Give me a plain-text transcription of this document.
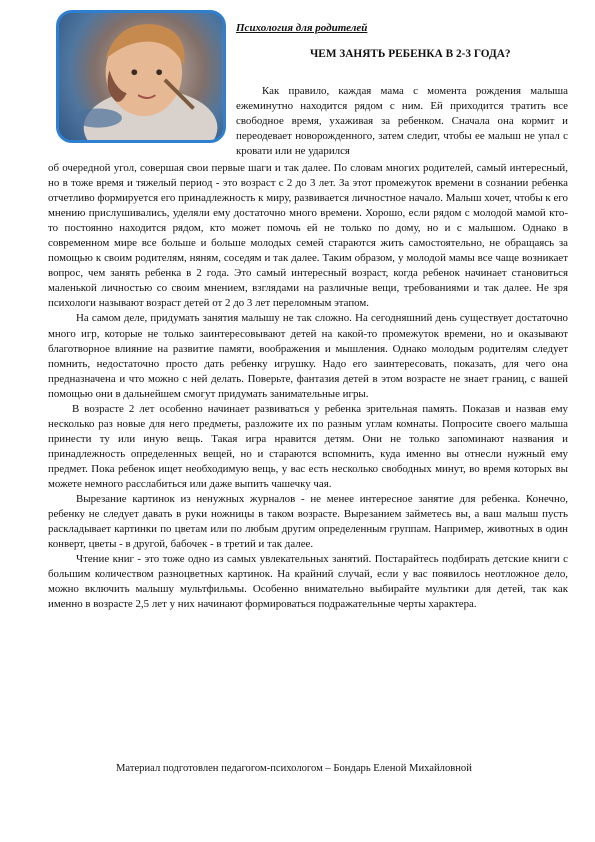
Психология для родителей
ЧЕМ ЗАНЯТЬ РЕБЕНКА В 2-3 ГОДА?

Как правило, каждая мама с момента рождения малыша ежеминутно находится рядом с ним. Ей приходится тратить все свободное время, ухаживая за ребенком. Сначала она кормит и переодевает новорожденного, затем следит, чтобы ее малыш не упал с кровати или не ударился

об очередной угол, совершая свои первые шаги и так далее. По словам многих родителей, самый интересный, но в тоже время и тяжелый период - это возраст с 2 до 3 лет. За этот промежуток времени в сознании ребенка отчетливо формируется его принадлежность к миру, развивается личностное начало. Малыш хочет, чтобы к его мнению прислушивались, уделяли ему достаточно много времени. Хорошо, если рядом с молодой мамой кто-то постоянно находится рядом, кто может помочь ей не только по дому, но и с малышом. Однако в современном мире все больше и больше молодых семей стараются жить самостоятельно, не обращаясь за помощью к своим родителям, няням, соседям и так далее. Таким образом, у молодой мамы все чаще возникает вопрос, чем занять ребенка в 2 года. Это самый интересный возраст, когда ребенок начинает становиться маленькой личностью со своим мнением, взглядами на различные вещи, требованиями и так далее. Не зря психологи называют возраст детей от 2 до 3 лет переломным этапом.

На самом деле, придумать занятия малышу не так сложно. На сегодняшний день существует достаточно много игр, которые не только заинтересовывают детей на какой-то промежуток времени, но и оказывают благотворное влияние на развитие памяти, воображения и мышления. Однако молодым родителям следует помнить, недостаточно просто дать ребенку игрушку. Надо его заинтересовать, показать, для чего она предназначена и что можно с ней делать. Поверьте, фантазия детей в этом возрасте не знает границ, с вашей помощью они в дальнейшем смогут придумать занимательные игры.

В возрасте 2 лет особенно начинает развиваться у ребенка зрительная память. Показав и назвав ему несколько раз новые для него предметы, разложите их по разным углам комнаты. Попросите своего малыша принести ту или иную вещь. Такая игра нравится детям. Они не только запоминают названия и принадлежность определенных вещей, но и стараются вспомнить, куда именно вы отнесли нужный ему предмет. Пока ребенок ищет необходимую вещь, у вас есть несколько свободных минут, во время которых вы можете немного расслабиться или даже выпить чашечку чая.

Вырезание картинок из ненужных журналов - не менее интересное занятие для ребенка. Конечно, ребенку не следует давать в руки ножницы в таком возрасте. Вырезанием займетесь вы, а ваш малыш пусть раскладывает картинки по цветам или по любым другим определенным группам. Например, животных в один конверт, цветы - в другой, бабочек - в третий и так далее.

Чтение книг - это тоже одно из самых увлекательных занятий. Постарайтесь подбирать детские книги с большим количеством разноцветных картинок. На крайний случай, если у вас появилось неотложное дело, можно включить малышу мультфильмы. Особенно внимательно выбирайте мультики для детей, так как именно в возрасте 2,5 лет у них начинают формироваться подражательные черты характера.

Материал подготовлен педагогом-психологом – Бондарь Еленой Михайловной
